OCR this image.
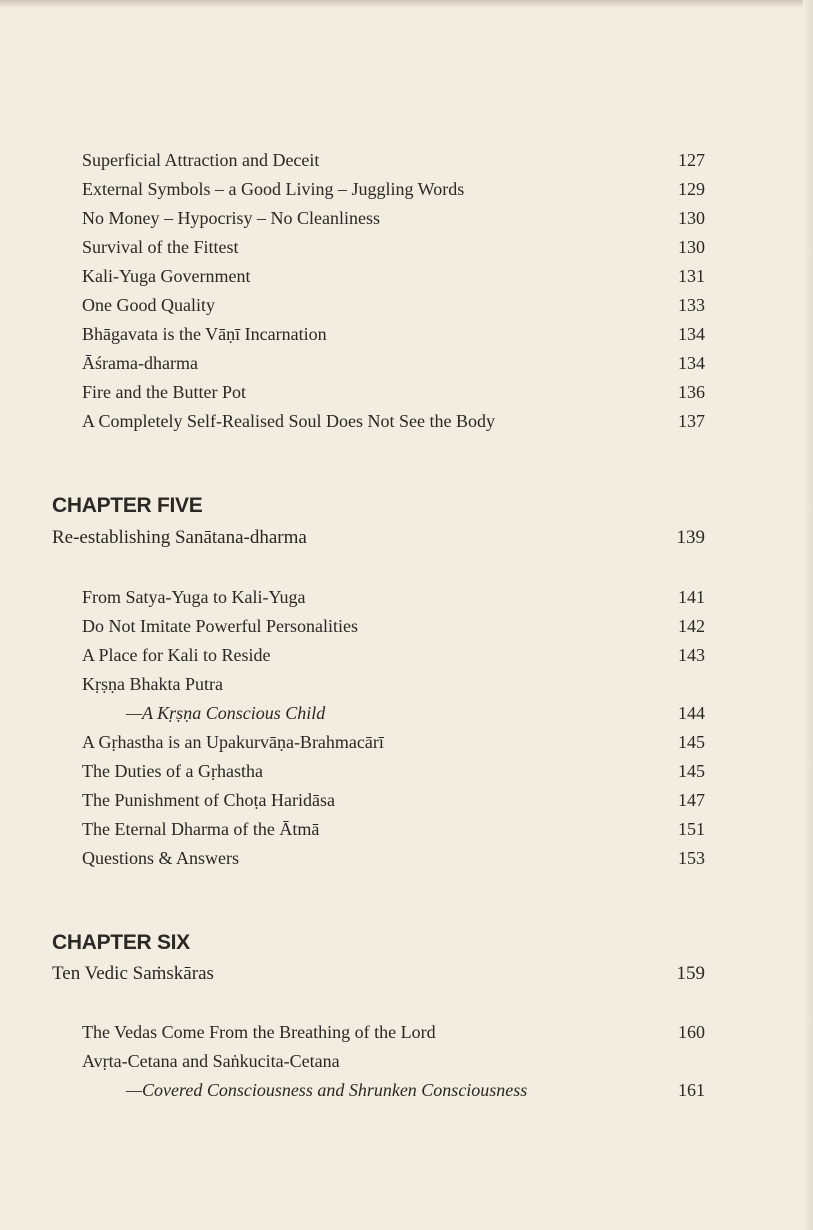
Superficial Attraction and Deceit	127
External Symbols – a Good Living – Juggling Words	129
No Money – Hypocrisy – No Cleanliness	130
Survival of the Fittest	130
Kali-Yuga Government	131
One Good Quality	133
Bhāgavata is the Vāṇī Incarnation	134
Āśrama-dharma	134
Fire and the Butter Pot	136
A Completely Self-Realised Soul Does Not See the Body	137
CHAPTER FIVE
Re-establishing Sanātana-dharma	139
From Satya-Yuga to Kali-Yuga	141
Do Not Imitate Powerful Personalities	142
A Place for Kali to Reside	143
Kṛṣṇa Bhakta Putra
—A Kṛṣṇa Conscious Child	144
A Gṛhastha is an Upakurvāṇa-Brahmacārī	145
The Duties of a Gṛhastha	145
The Punishment of Choṭa Haridāsa	147
The Eternal Dharma of the Ātmā	151
Questions & Answers	153
CHAPTER SIX
Ten Vedic Saṁskāras	159
The Vedas Come From the Breathing of the Lord	160
Avṛta-Cetana and Saṅkucita-Cetana
—Covered Consciousness and Shrunken Consciousness	161
